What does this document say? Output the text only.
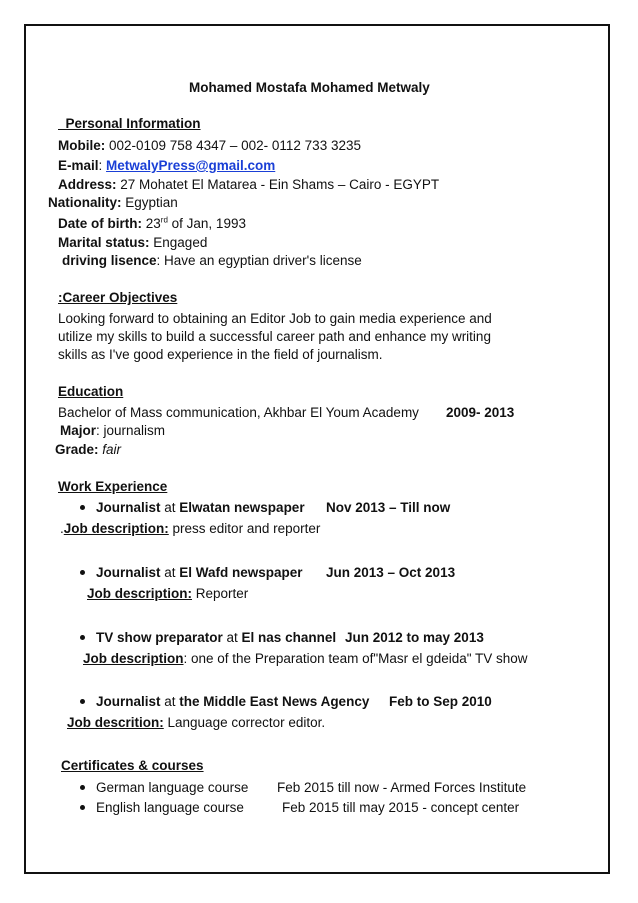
Mohamed Mostafa Mohamed Metwaly
Personal Information
Mobile: 002-0109 758 4347 – 002- 0112 733 3235
E-mail: MetwalyPress@gmail.com
Address: 27 Mohatet El Matarea - Ein Shams – Cairo - EGYPT
Nationality: Egyptian
Date of birth: 23rd of Jan, 1993
Marital status: Engaged
driving lisence: Have an egyptian driver's license
:Career Objectives
Looking forward to obtaining an Editor Job to gain media experience and
utilize my skills to build a successful career path and enhance my writing
skills as I've good experience in the field of journalism.
Education
Bachelor of Mass communication, Akhbar El Youm Academy 2009- 2013
Major: journalism
Grade: fair
Work Experience
Journalist at Elwatan newspaper Nov 2013 – Till now
.Job description: press editor and reporter
Journalist at El Wafd newspaper Jun 2013 – Oct 2013
Job description: Reporter
TV show preparator at El nas channel Jun 2012 to may 2013
Job description: one of the Preparation team of"Masr el gdeida" TV show
Journalist at the Middle East News Agency Feb to Sep 2010
Job descrition: Language corrector editor.
Certificates & courses
German language course Feb 2015 till now - Armed Forces Institute
English language course	Feb 2015 till may 2015 - concept center
